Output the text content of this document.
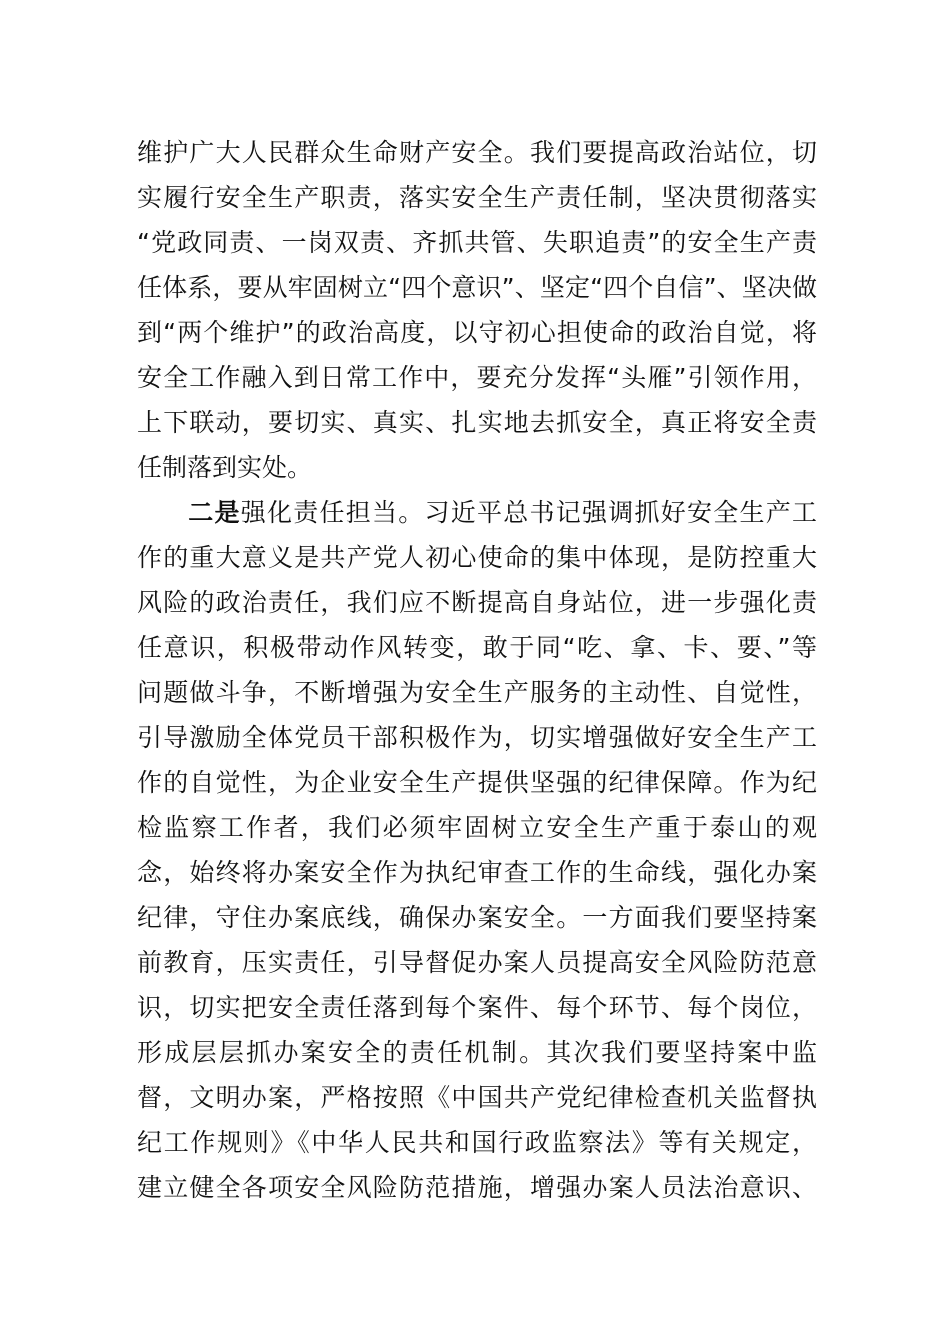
维护广大人民群众生命财产安全。我们要提高政治站位，切
实履行安全生产职责，落实安全生产责任制，坚决贯彻落实
“党政同责、一岗双责、齐抓共管、失职追责”的安全生产责
任体系，要从牢固树立“四个意识”、坚定“四个自信”、坚决做
到“两个维护”的政治高度，以守初心担使命的政治自觉，将
安全工作融入到日常工作中，要充分发挥“头雁”引领作用，
上下联动，要切实、真实、扎实地去抓安全，真正将安全责
任制落到实处。
二是强化责任担当。习近平总书记强调抓好安全生产工
作的重大意义是共产党人初心使命的集中体现，是防控重大
风险的政治责任，我们应不断提高自身站位，进一步强化责
任意识，积极带动作风转变，敢于同“吃、拿、卡、要、”等
问题做斗争，不断增强为安全生产服务的主动性、自觉性，
引导激励全体党员干部积极作为，切实增强做好安全生产工
作的自觉性，为企业安全生产提供坚强的纪律保障。作为纪
检监察工作者，我们必须牢固树立安全生产重于泰山的观
念，始终将办案安全作为执纪审查工作的生命线，强化办案
纪律，守住办案底线，确保办案安全。一方面我们要坚持案
前教育，压实责任，引导督促办案人员提高安全风险防范意
识，切实把安全责任落到每个案件、每个环节、每个岗位，
形成层层抓办案安全的责任机制。其次我们要坚持案中监
督，文明办案，严格按照《中国共产党纪律检查机关监督执
纪工作规则》《中华人民共和国行政监察法》等有关规定，
建立健全各项安全风险防范措施，增强办案人员法治意识、
